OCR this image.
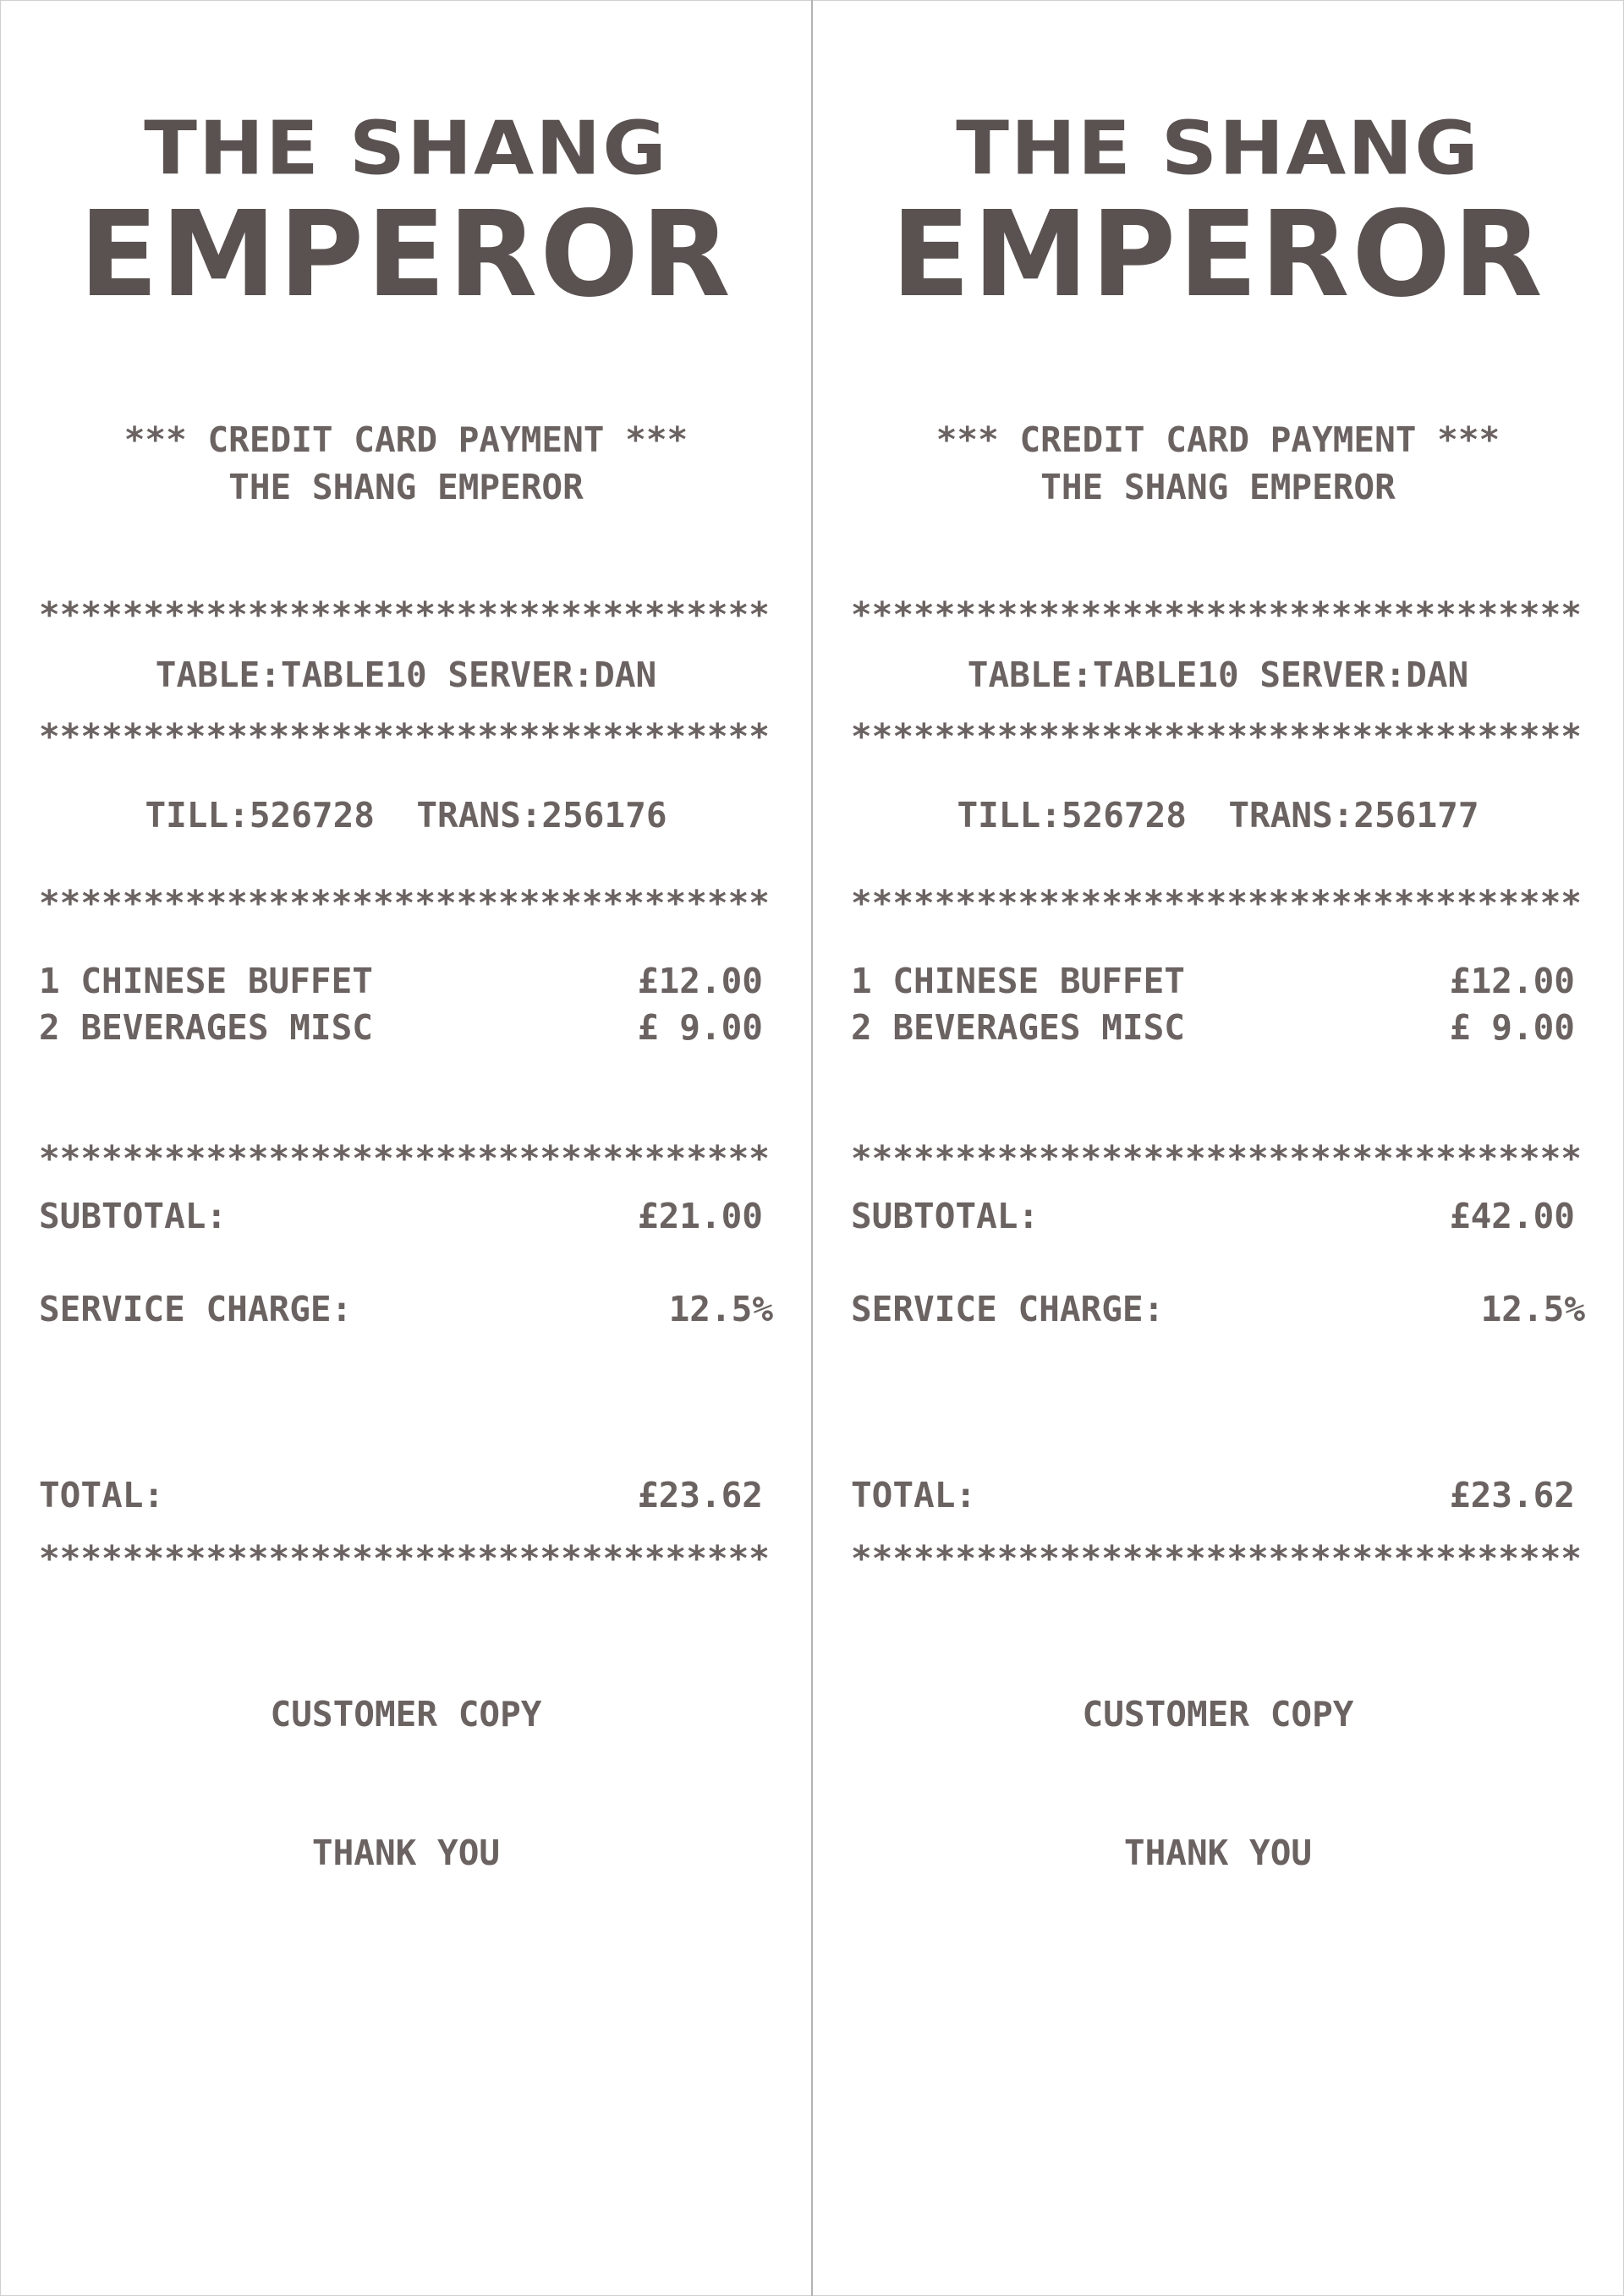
THE SHANG
EMPEROR
*** CREDIT CARD PAYMENT ***
THE SHANG EMPEROR
***********************************
TABLE:TABLE10 SERVER:DAN
***********************************
TILL:526728  TRANS:256176
***********************************
1 CHINESE BUFFET	£12.00
2 BEVERAGES MISC	£ 9.00
***********************************
SUBTOTAL:	£21.00
SERVICE CHARGE:	12.5%
TOTAL:	£23.62
***********************************
CUSTOMER COPY
THANK YOU
THE SHANG
EMPEROR
*** CREDIT CARD PAYMENT ***
THE SHANG EMPEROR
***********************************
TABLE:TABLE10 SERVER:DAN
***********************************
TILL:526728  TRANS:256177
***********************************
1 CHINESE BUFFET	£12.00
2 BEVERAGES MISC	£ 9.00
***********************************
SUBTOTAL:	£42.00
SERVICE CHARGE:	12.5%
TOTAL:	£23.62
***********************************
CUSTOMER COPY
THANK YOU
